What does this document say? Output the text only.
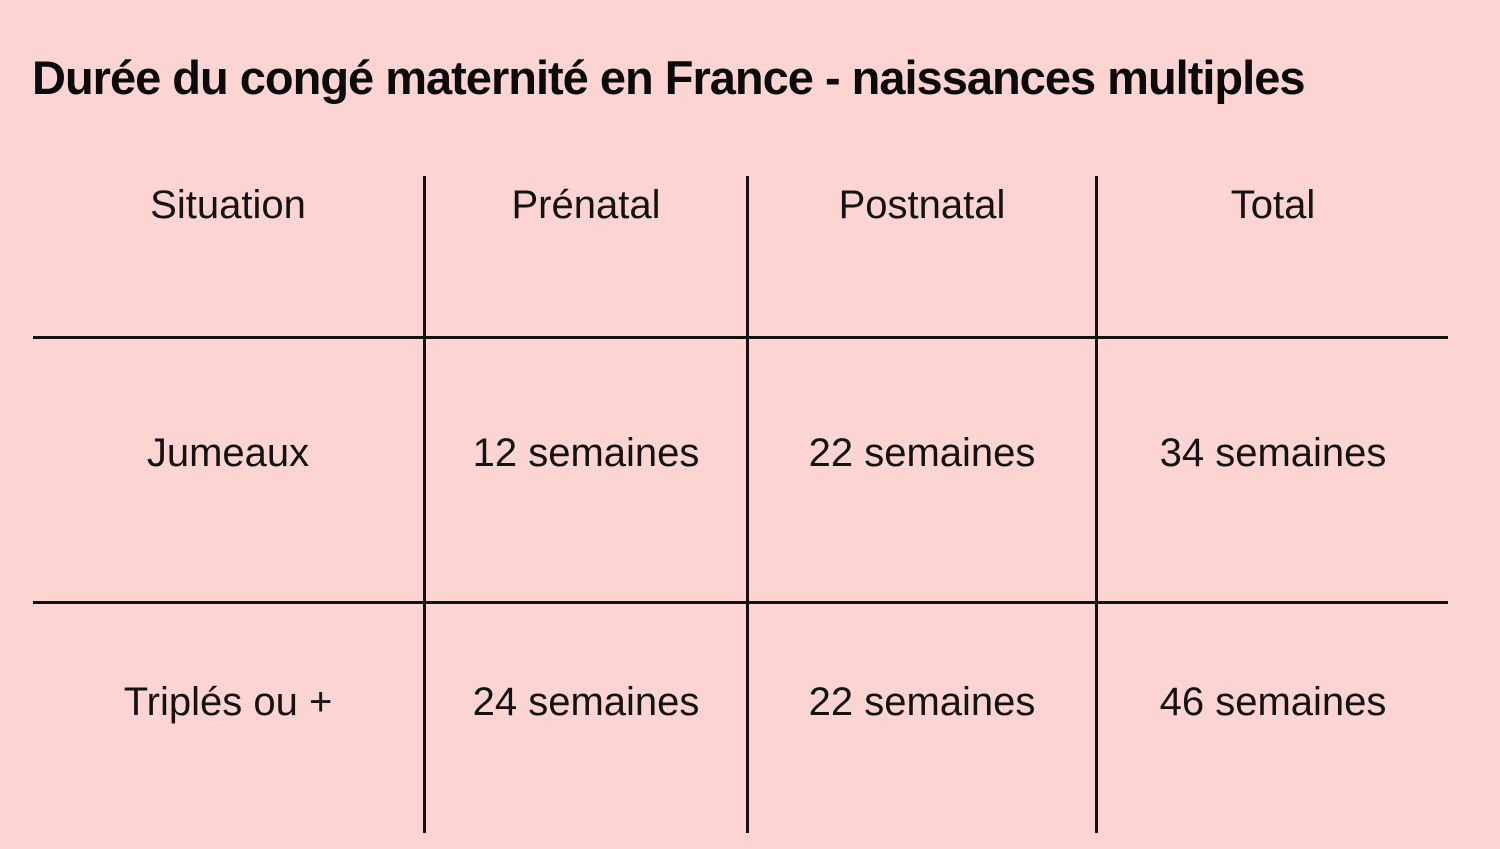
Durée du congé maternité en France - naissances multiples
Situation	Prénatal	Postnatal	Total
Jumeaux	12 semaines	22 semaines	34 semaines
Triplés ou +	24 semaines	22 semaines	46 semaines
